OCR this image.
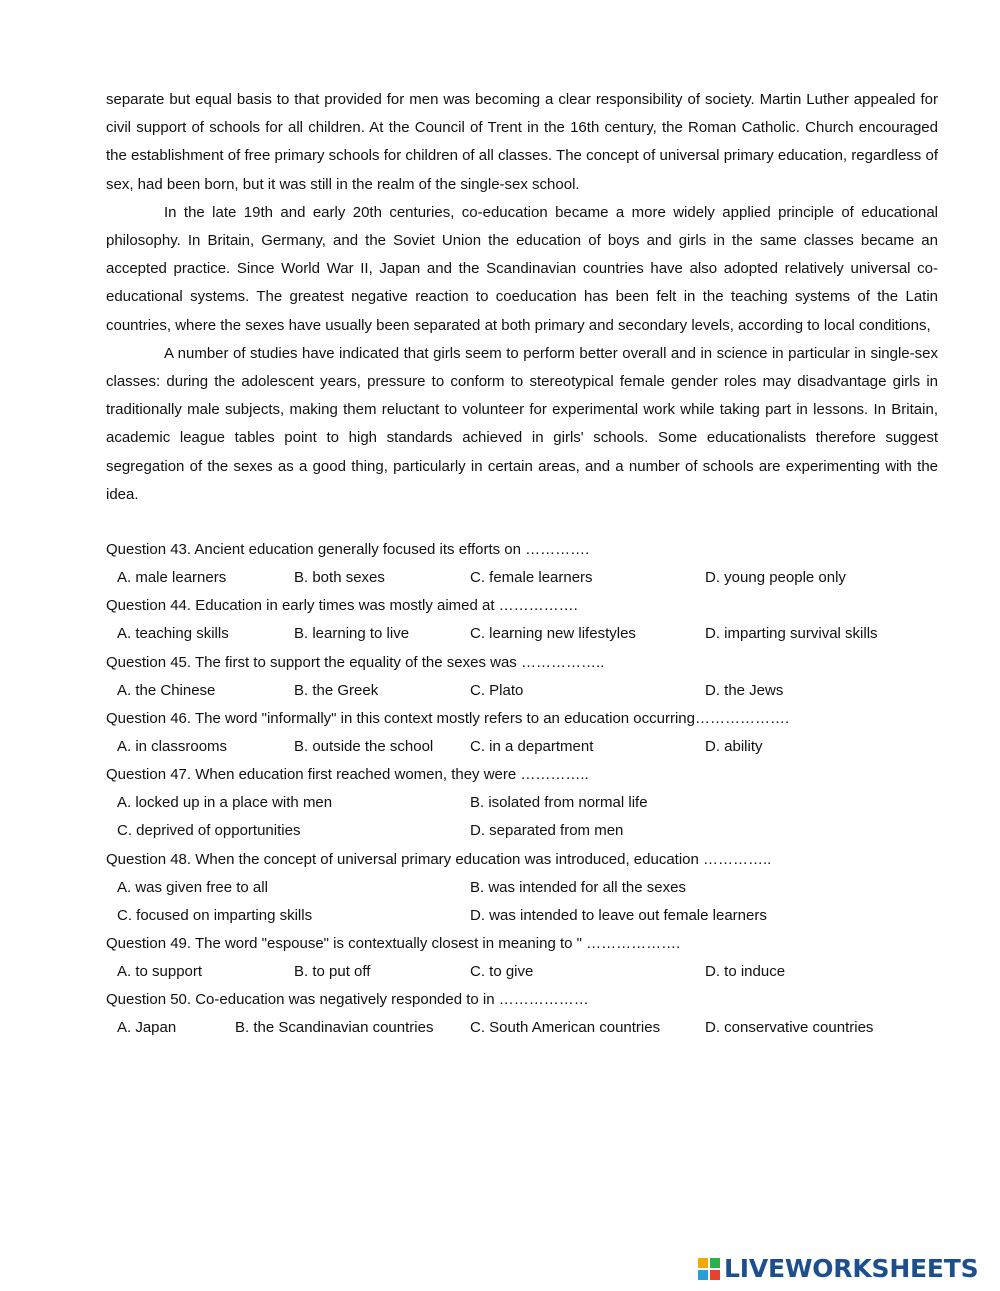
separate but equal basis to that provided for men was becoming a clear responsibility of society. Martin Luther appealed for civil support of schools for all children. At the Council of Trent in the 16th century, the Roman Catholic. Church encouraged the establishment of free primary schools for children of all classes. The concept of universal primary education, regardless of sex, had been born, but it was still in the realm of the single-sex school.

In the late 19th and early 20th centuries, co-education became a more widely applied principle of educational philosophy. In Britain, Germany, and the Soviet Union the education of boys and girls in the same classes became an accepted practice. Since World War II, Japan and the Scandinavian countries have also adopted relatively universal co-educational systems. The greatest negative reaction to coeducation has been felt in the teaching systems of the Latin countries, where the sexes have usually been separated at both primary and secondary levels, according to local conditions,

A number of studies have indicated that girls seem to perform better overall and in science in particular in single-sex classes: during the adolescent years, pressure to conform to stereotypical female gender roles may disadvantage girls in traditionally male subjects, making them reluctant to volunteer for experimental work while taking part in lessons. In Britain, academic league tables point to high standards achieved in girls' schools. Some educationalists therefore suggest segregation of the sexes as a good thing, particularly in certain areas, and a number of schools are experimenting with the idea.

Question 43. Ancient education generally focused its efforts on ………….
A. male learners	B. both sexes	C. female learners	D. young people only
Question 44. Education in early times was mostly aimed at …………….
A. teaching skills	B. learning to live	C. learning new lifestyles	D. imparting survival skills
Question 45. The first to support the equality of the sexes was ……………..
A. the Chinese	B. the Greek	C. Plato	D. the Jews
Question 46. The word "informally" in this context mostly refers to an education occurring……………….
A. in classrooms	B. outside the school C. in a department	D. ability
Question 47. When education first reached women, they were …………..
A. locked up in a place with men	B. isolated from normal life
C. deprived of opportunities	D. separated from men
Question 48. When the concept of universal primary education was introduced, education …………..
A. was given free to all	B. was intended for all the sexes
C. focused on imparting skills	D. was intended to leave out female learners
Question 49. The word "espouse" is contextually closest in meaning to " ……………….
A. to support	B. to put off	C. to give	D. to induce
Question 50. Co-education was negatively responded to in ………………
A. Japan	B. the Scandinavian countries C. South American countries	D. conservative countries
LIVEWORKSHEETS
